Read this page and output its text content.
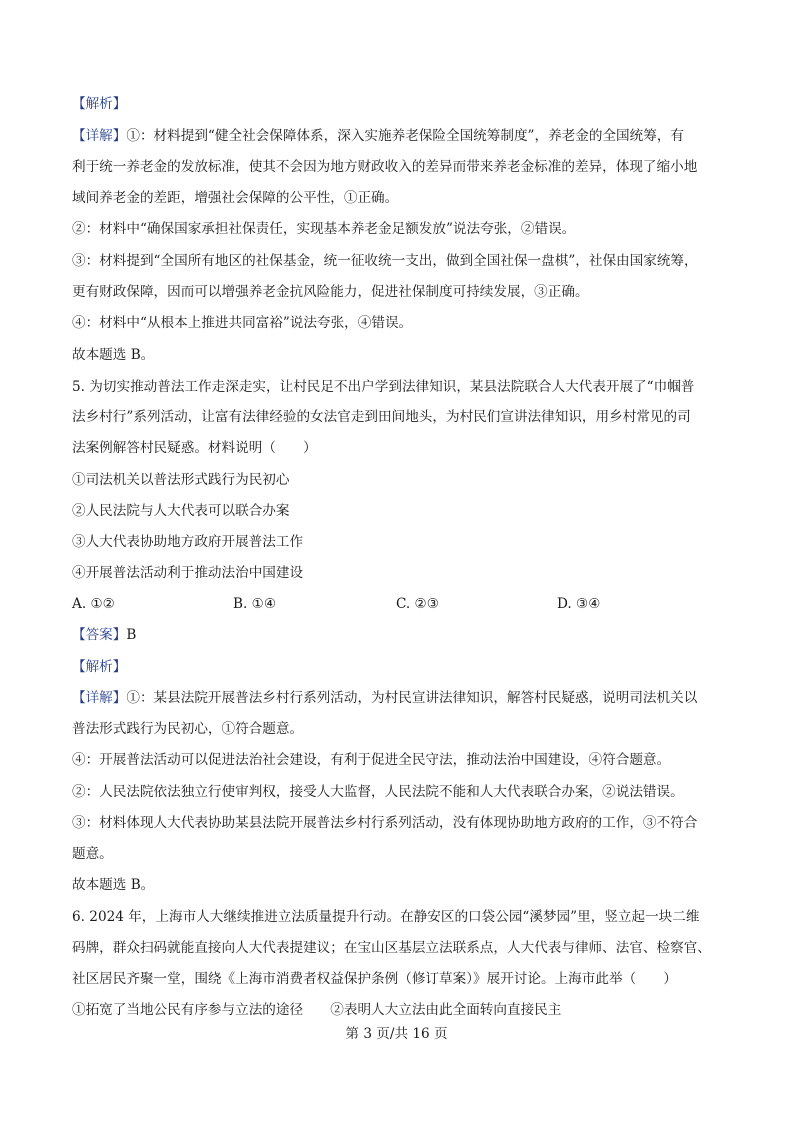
【解析】
【详解】①：材料提到“健全社会保障体系，深入实施养老保险全国统筹制度”，养老金的全国统筹，有
利于统一养老金的发放标准，使其不会因为地方财政收入的差异而带来养老金标准的差异，体现了缩小地
域间养老金的差距，增强社会保障的公平性，①正确。
②：材料中“确保国家承担社保责任，实现基本养老金足额发放”说法夸张，②错误。
③：材料提到“全国所有地区的社保基金，统一征收统一支出，做到全国社保一盘棋”，社保由国家统筹，
更有财政保障，因而可以增强养老金抗风险能力，促进社保制度可持续发展，③正确。
④：材料中“从根本上推进共同富裕”说法夸张，④错误。
故本题选 B。
5. 为切实推动普法工作走深走实，让村民足不出户学到法律知识，某县法院联合人大代表开展了“巾帼普
法乡村行”系列活动，让富有法律经验的女法官走到田间地头，为村民们宣讲法律知识，用乡村常见的司
法案例解答村民疑惑。材料说明（　　）
①司法机关以普法形式践行为民初心
②人民法院与人大代表可以联合办案
③人大代表协助地方政府开展普法工作
④开展普法活动利于推动法治中国建设
A. ①②	B. ①④	C. ②③	D. ③④
【答案】B
【解析】
【详解】①：某县法院开展普法乡村行系列活动，为村民宣讲法律知识，解答村民疑惑，说明司法机关以
普法形式践行为民初心，①符合题意。
④：开展普法活动可以促进法治社会建设，有利于促进全民守法，推动法治中国建设，④符合题意。
②：人民法院依法独立行使审判权，接受人大监督，人民法院不能和人大代表联合办案，②说法错误。
③：材料体现人大代表协助某县法院开展普法乡村行系列活动，没有体现协助地方政府的工作，③不符合
题意。
故本题选 B。
6. 2024 年，上海市人大继续推进立法质量提升行动。在静安区的口袋公园“溪梦园”里，竖立起一块二维
码牌，群众扫码就能直接向人大代表提建议；在宝山区基层立法联系点，人大代表与律师、法官、检察官、
社区居民齐聚一堂，围绕《上海市消费者权益保护条例（修订草案）》展开讨论。上海市此举（　　）
①拓宽了当地公民有序参与立法的途径　　②表明人大立法由此全面转向直接民主
第 3 页/共 16 页
